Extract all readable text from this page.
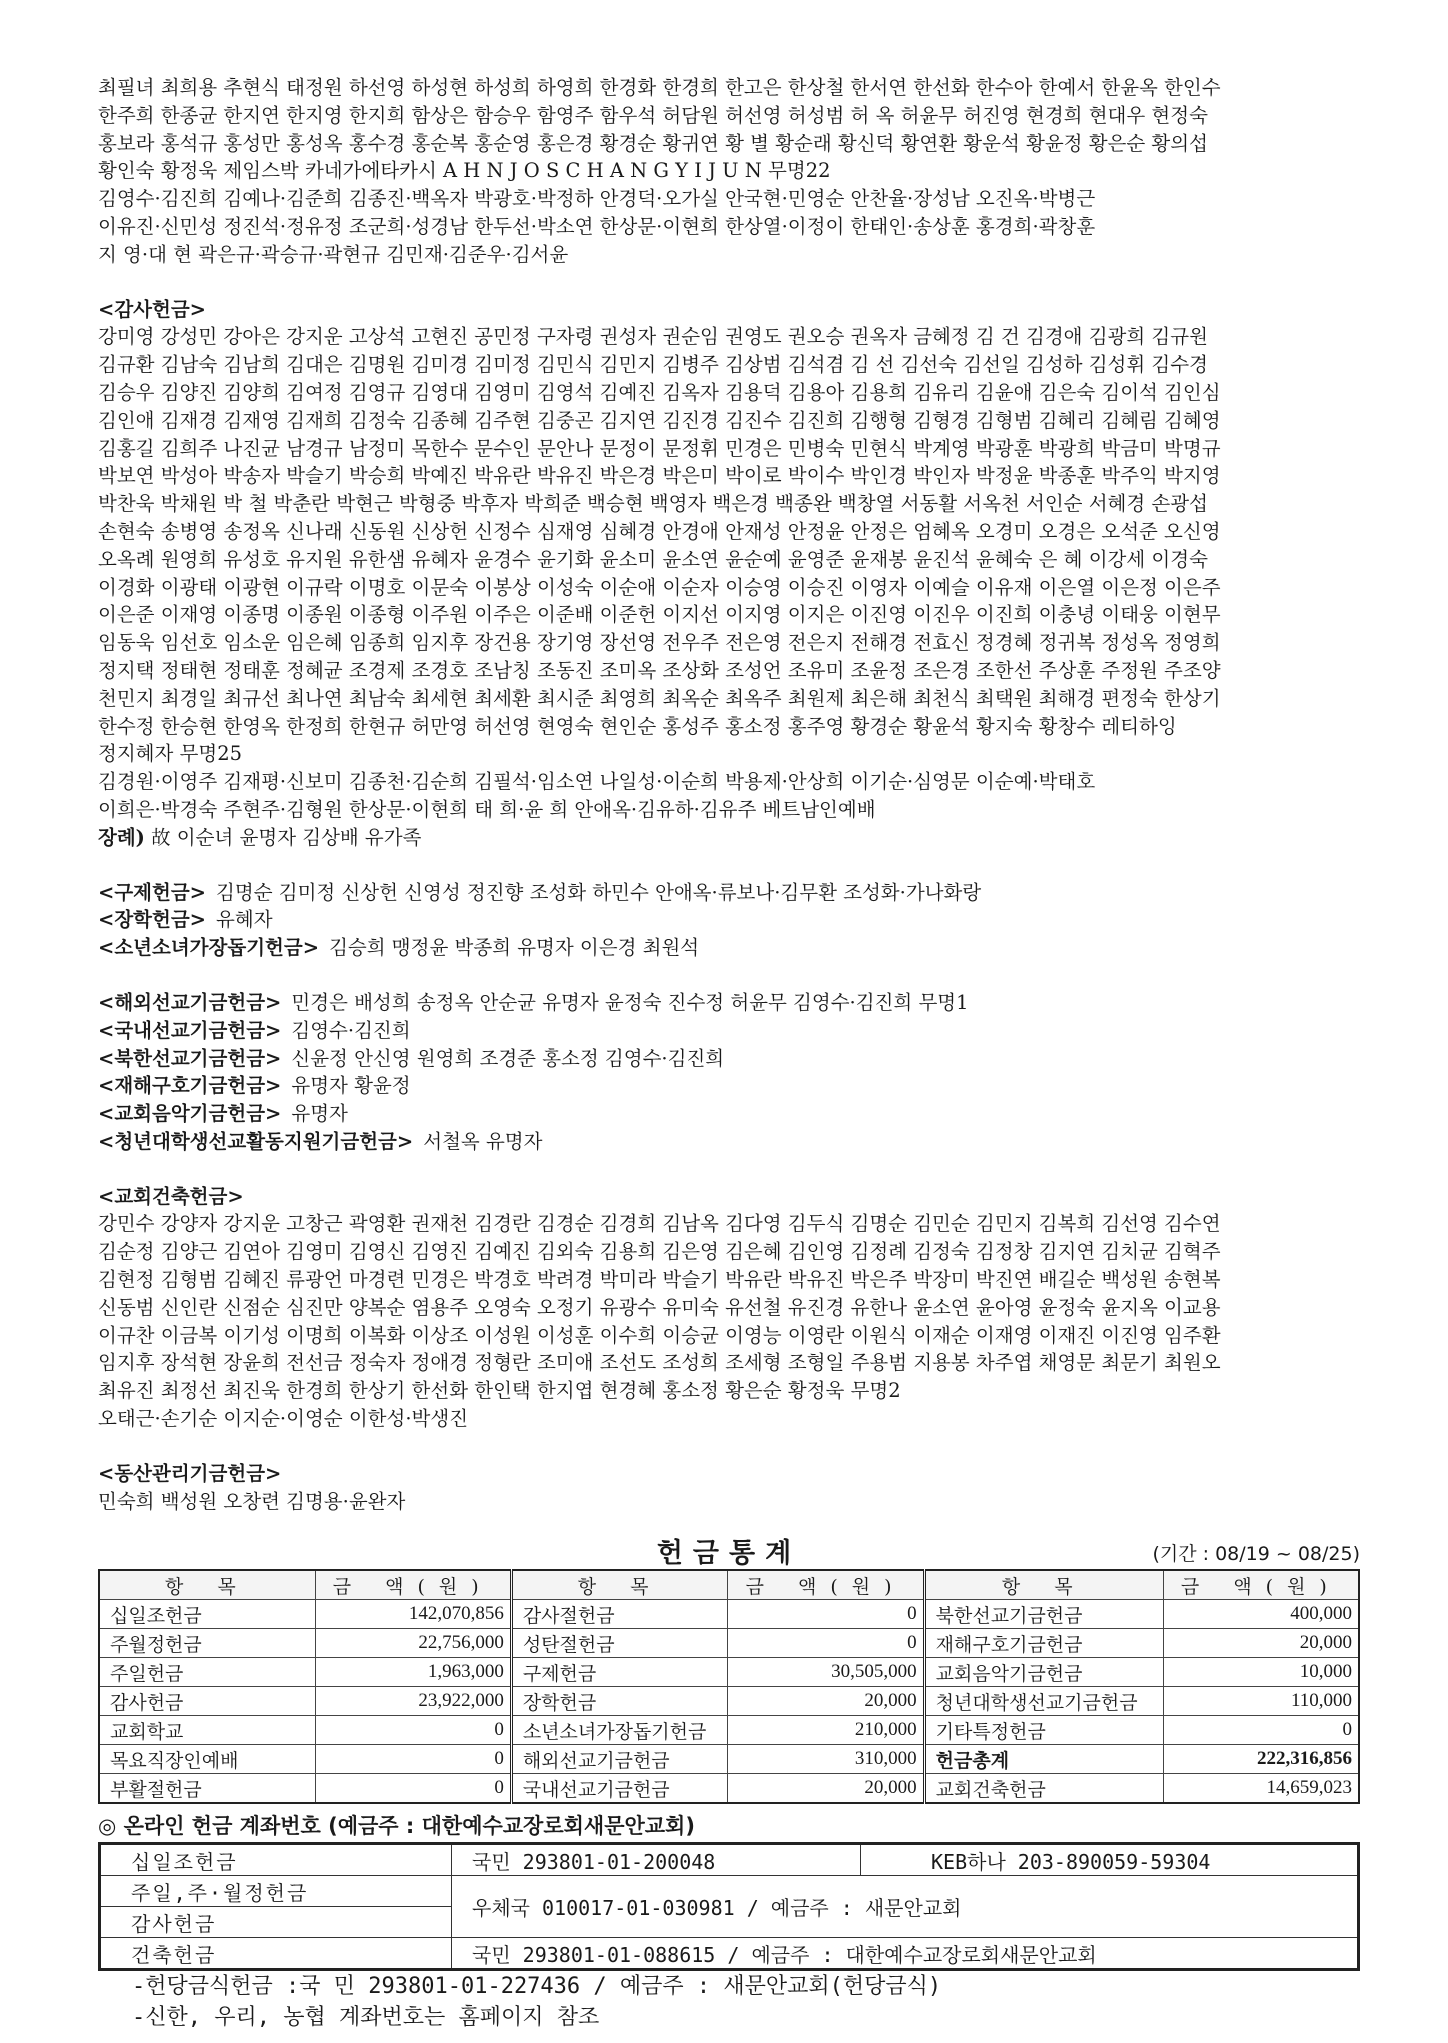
최필녀 최희용 추현식 태정원 하선영 하성현 하성희 하영희 한경화 한경희 한고은 한상철 한서연 한선화 한수아 한예서 한윤옥 한인수

한주희 한종균 한지연 한지영 한지희 함상은 함승우 함영주 함우석 허담원 허선영 허성범 허 옥 허윤무 허진영 현경희 현대우 현정숙

홍보라 홍석규 홍성만 홍성옥 홍수경 홍순복 홍순영 홍은경 황경순 황귀연 황 별 황순래 황신덕 황연환 황운석 황윤정 황은순 황의섭

황인숙 황정욱 제임스박 카네가에타카시 A H N J O S C H A N G Y I J U N 무명22

김영수·김진희 김예나·김준희 김종진·백옥자 박광호·박정하 안경덕·오가실 안국현·민영순 안찬율·장성남 오진옥·박병근

이유진·신민성 정진석·정유정 조군희·성경남 한두선·박소연 한상문·이현희 한상열·이정이 한태인·송상훈 홍경희·곽창훈

지 영·대 현 곽은규·곽승규·곽현규 김민재·김준우·김서윤

<감사헌금>

강미영 강성민 강아은 강지운 고상석 고현진 공민정 구자령 권성자 권순임 권영도 권오승 권옥자 금혜정 김 건 김경애 김광희 김규원

김규환 김남숙 김남희 김대은 김명원 김미경 김미정 김민식 김민지 김병주 김상범 김석겸 김 선 김선숙 김선일 김성하 김성휘 김수경

김승우 김양진 김양희 김여정 김영규 김영대 김영미 김영석 김예진 김옥자 김용덕 김용아 김용희 김유리 김윤애 김은숙 김이석 김인심

김인애 김재경 김재영 김재희 김정숙 김종혜 김주현 김중곤 김지연 김진경 김진수 김진희 김행형 김형경 김형범 김혜리 김혜림 김혜영

김홍길 김희주 나진균 남경규 남정미 목한수 문수인 문안나 문정이 문정휘 민경은 민병숙 민현식 박계영 박광훈 박광희 박금미 박명규

박보연 박성아 박송자 박슬기 박승희 박예진 박유란 박유진 박은경 박은미 박이로 박이수 박인경 박인자 박정윤 박종훈 박주익 박지영

박찬욱 박채원 박 철 박춘란 박현근 박형중 박후자 박희준 백승현 백영자 백은경 백종완 백창열 서동활 서옥천 서인순 서혜경 손광섭

손현숙 송병영 송정옥 신나래 신동원 신상헌 신정수 심재영 심혜경 안경애 안재성 안정윤 안정은 엄혜옥 오경미 오경은 오석준 오신영

오옥례 원영희 유성호 유지원 유한샘 유혜자 윤경수 윤기화 윤소미 윤소연 윤순예 윤영준 윤재봉 윤진석 윤혜숙 은 혜 이강세 이경숙

이경화 이광태 이광현 이규락 이명호 이문숙 이봉상 이성숙 이순애 이순자 이승영 이승진 이영자 이예슬 이유재 이은열 이은정 이은주

이은준 이재영 이종명 이종원 이종형 이주원 이주은 이준배 이준헌 이지선 이지영 이지은 이진영 이진우 이진희 이충녕 이태웅 이현무

임동욱 임선호 임소운 임은혜 임종희 임지후 장건용 장기영 장선영 전우주 전은영 전은지 전해경 전효신 정경혜 정귀복 정성옥 정영희

정지택 정태현 정태훈 정혜균 조경제 조경호 조남칭 조동진 조미옥 조상화 조성언 조유미 조윤정 조은경 조한선 주상훈 주정원 주조양

천민지 최경일 최규선 최나연 최남숙 최세현 최세환 최시준 최영희 최옥순 최옥주 최원제 최은해 최천식 최택원 최해경 편정숙 한상기

한수정 한승현 한영옥 한정희 한현규 허만영 허선영 현영숙 현인순 홍성주 홍소정 홍주영 황경순 황윤석 황지숙 황창수 레티하잉

정지혜자 무명25

김경원·이영주 김재평·신보미 김종천·김순희 김필석·임소연 나일성·이순희 박용제·안상희 이기순·심영문 이순예·박태호

이희은·박경숙 주현주·김형원 한상문·이현희 태 희·윤 희 안애옥·김유하·김유주 베트남인예배

장례) 故 이순녀 윤명자 김상배 유가족

<구제헌금> 김명순 김미정 신상헌 신영성 정진향 조성화 하민수 안애옥·류보나·김무환 조성화·가나화랑

<장학헌금> 유혜자

<소년소녀가장돕기헌금> 김승희 맹정윤 박종희 유명자 이은경 최원석

<해외선교기금헌금> 민경은 배성희 송정옥 안순균 유명자 윤정숙 진수정 허윤무 김영수·김진희 무명1

<국내선교기금헌금> 김영수·김진희

<북한선교기금헌금> 신윤정 안신영 원영희 조경준 홍소정 김영수·김진희

<재해구호기금헌금> 유명자 황윤정

<교회음악기금헌금> 유명자

<청년대학생선교활동지원기금헌금> 서철옥 유명자

<교회건축헌금>

강민수 강양자 강지운 고창근 곽영환 권재천 김경란 김경순 김경희 김남옥 김다영 김두식 김명순 김민순 김민지 김복희 김선영 김수연

김순정 김양근 김연아 김영미 김영신 김영진 김예진 김외숙 김용희 김은영 김은혜 김인영 김정례 김정숙 김정창 김지연 김치균 김혁주

김현정 김형범 김혜진 류광언 마경련 민경은 박경호 박려경 박미라 박슬기 박유란 박유진 박은주 박장미 박진연 배길순 백성원 송현복

신동범 신인란 신점순 심진만 양복순 염용주 오영숙 오정기 유광수 유미숙 유선철 유진경 유한나 윤소연 윤아영 윤정숙 윤지옥 이교용

이규찬 이금복 이기성 이명희 이복화 이상조 이성원 이성훈 이수희 이승균 이영능 이영란 이원식 이재순 이재영 이재진 이진영 임주환

임지후 장석현 장윤희 전선금 정숙자 정애경 정형란 조미애 조선도 조성희 조세형 조형일 주용범 지용봉 차주엽 채영문 최문기 최원오

최유진 최정선 최진욱 한경희 한상기 한선화 한인택 한지엽 현경혜 홍소정 황은순 황정욱 무명2

오태근·손기순 이지순·이영순 이한성·박생진

<동산관리기금헌금>

민숙희 백성원 오창련 김명용·윤완자

헌금통계	(기간 : 08/19 ~ 08/25)
항 목	금 액(원)	항 목	금 액(원)	항 목	금 액(원)
십일조헌금	142,070,856	감사절헌금	0	북한선교기금헌금	400,000
주월정헌금	22,756,000	성탄절헌금	0	재해구호기금헌금	20,000
주일헌금	1,963,000	구제헌금	30,505,000	교회음악기금헌금	10,000
감사헌금	23,922,000	장학헌금	20,000	청년대학생선교기금헌금	110,000
교회학교	0	소년소녀가장돕기헌금	210,000	기타특정헌금	0
목요직장인예배	0	해외선교기금헌금	310,000	헌금총계	222,316,856
부활절헌금	0	국내선교기금헌금	20,000	교회건축헌금	14,659,023
◎ 온라인 헌금 계좌번호 (예금주 : 대한예수교장로회새문안교회)
십일조헌금	국민 293801-01-200048	KEB하나 203-890059-59304
주일,주·월정헌금	우체국 010017-01-030981 / 예금주 : 새문안교회	
감사헌금		
건축헌금	국민 293801-01-088615 / 예금주 : 대한예수교장로회새문안교회	
-헌당금식헌금 :국 민 293801-01-227436 / 예금주 : 새문안교회(헌당금식)
-신한, 우리, 농협 계좌번호는 홈페이지 참조
